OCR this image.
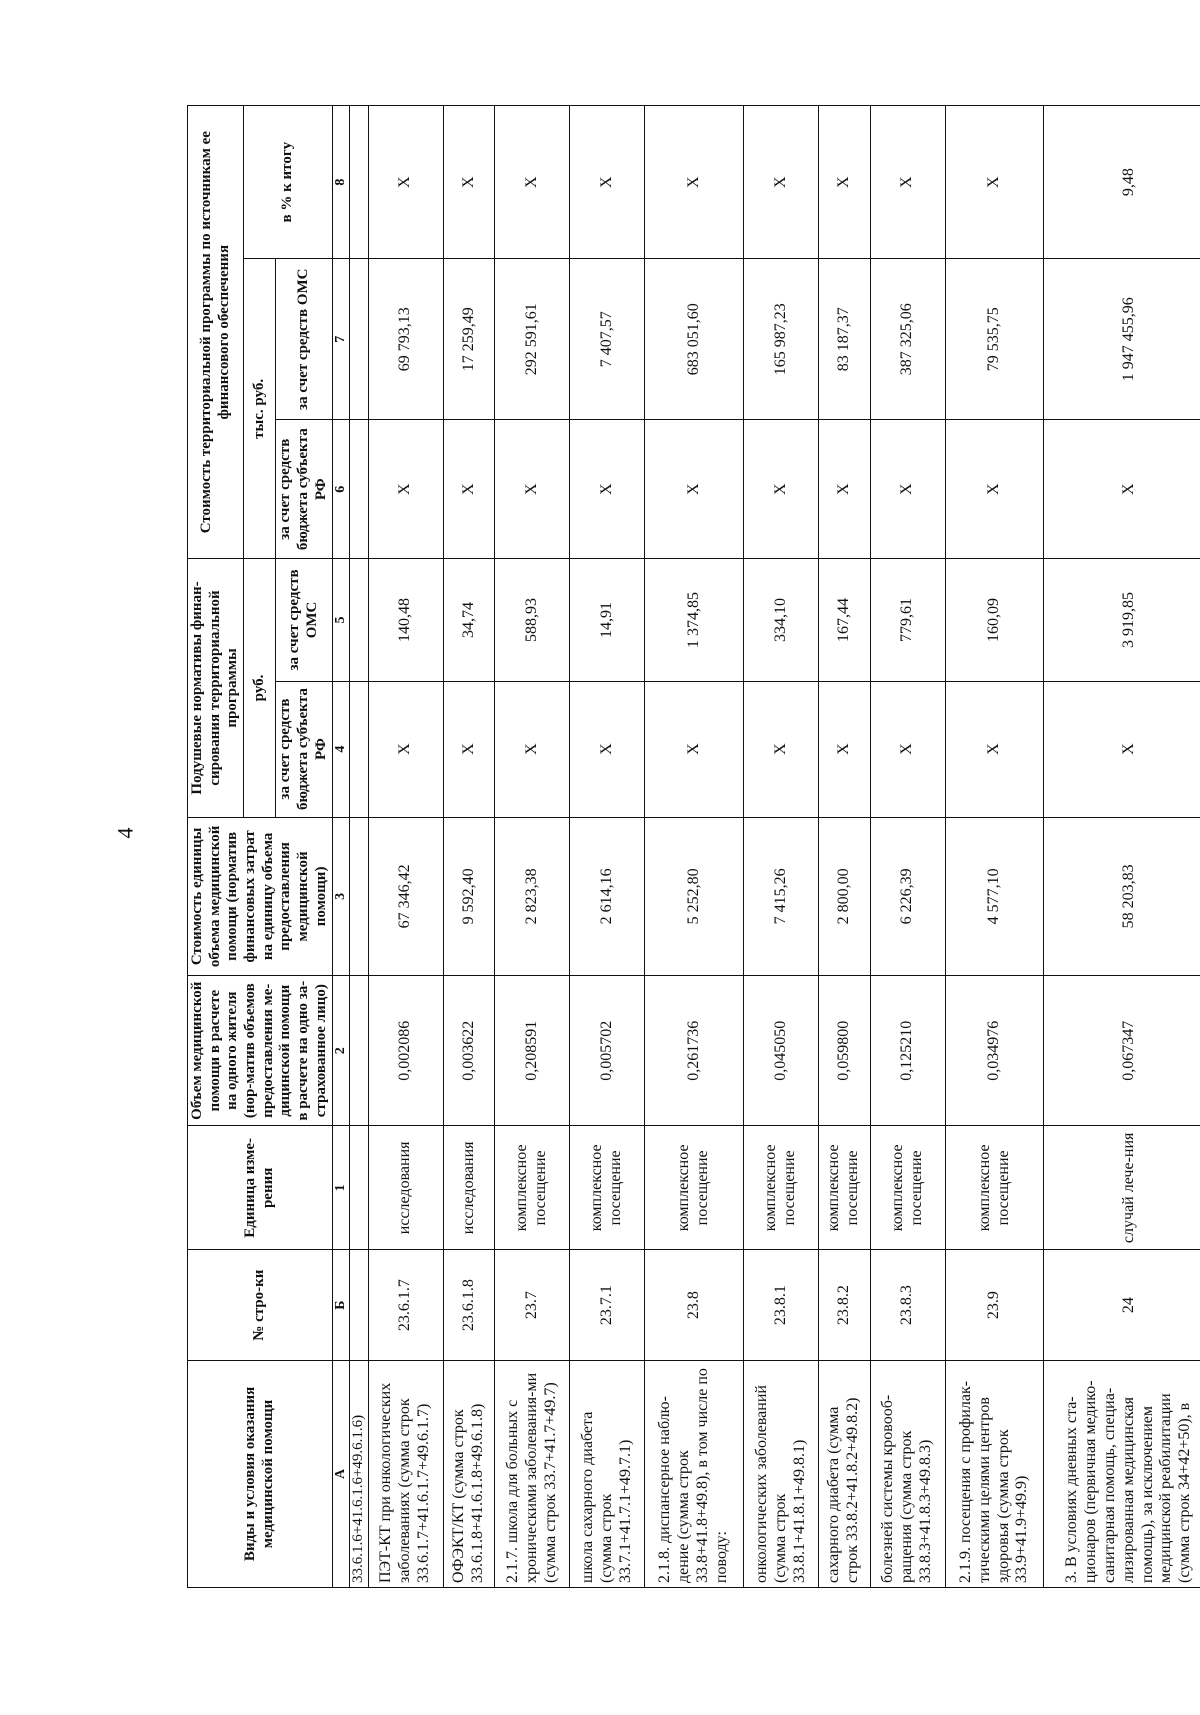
4
Виды и условия оказания медицинской помощи	№ стро-ки	Единица изме-рения	Объем медицинской помощи в расчете на одного жителя (нор-матив объемов предоставления ме-дицинской помощи в расчете на одно за-страхованное лицо)	Стоимость единицы объема медицинской помощи (норматив финансовых затрат на единицу объема предоставления медицинской помощи)	Подушевые нормативы финан-сирования территориальной программы		Стоимость территориальной программы по источникам ее финансового обеспечения		
					руб.		тыс. руб.		в % к итогу
					за счет средств бюджета субъекта РФ	за счет средств ОМС	за счет средств бюджета субъекта РФ	за счет средств ОМС	
А	Б	1	2	3	4	5	6	7	8
33.6.1.6+41.6.1.6+49.6.1.6)									
ПЭТ-КТ при онкологических заболеваниях (сумма строк 33.6.1.7+41.6.1.7+49.6.1.7)	23.6.1.7	исследования	0,002086	67 346,42	Х	140,48	Х	69 793,13	Х
ОФЭКТ/КТ (сумма строк 33.6.1.8+41.6.1.8+49.6.1.8)	23.6.1.8	исследования	0,003622	9 592,40	Х	34,74	Х	17 259,49	Х
2.1.7. школа для больных с хроническими заболевания-ми (сумма строк 33.7+41.7+49.7)	23.7	комплексное посещение	0,208591	2 823,38	Х	588,93	Х	292 591,61	Х
школа сахарного диабета (сумма строк 33.7.1+41.7.1+49.7.1)	23.7.1	комплексное посещение	0,005702	2 614,16	Х	14,91	Х	7 407,57	Х
2.1.8. диспансерное наблю-дение (сумма строк 33.8+41.8+49.8), в том числе по поводу:	23.8	комплексное посещение	0,261736	5 252,80	Х	1 374,85	Х	683 051,60	Х
онкологических заболеваний (сумма строк 33.8.1+41.8.1+49.8.1)	23.8.1	комплексное посещение	0,045050	7 415,26	Х	334,10	Х	165 987,23	Х
сахарного диабета (сумма строк 33.8.2+41.8.2+49.8.2)	23.8.2	комплексное посещение	0,059800	2 800,00	Х	167,44	Х	83 187,37	Х
болезней системы кровооб-ращения (сумма строк 33.8.3+41.8.3+49.8.3)	23.8.3	комплексное посещение	0,125210	6 226,39	Х	779,61	Х	387 325,06	Х
2.1.9. посещения с профилак-тическими целями центров здоровья (сумма строк 33.9+41.9+49.9)	23.9	комплексное посещение	0,034976	4 577,10	Х	160,09	Х	79 535,75	Х
3. В условиях дневных ста-ционаров (первичная медико-санитарная помощь, специа-лизированная медицинская помощь), за исключением медицинской реабилитации (сумма строк 34+42+50), в	24	случай лече-ния	0,067347	58 203,83	Х	3 919,85	Х	1 947 455,96	9,48
